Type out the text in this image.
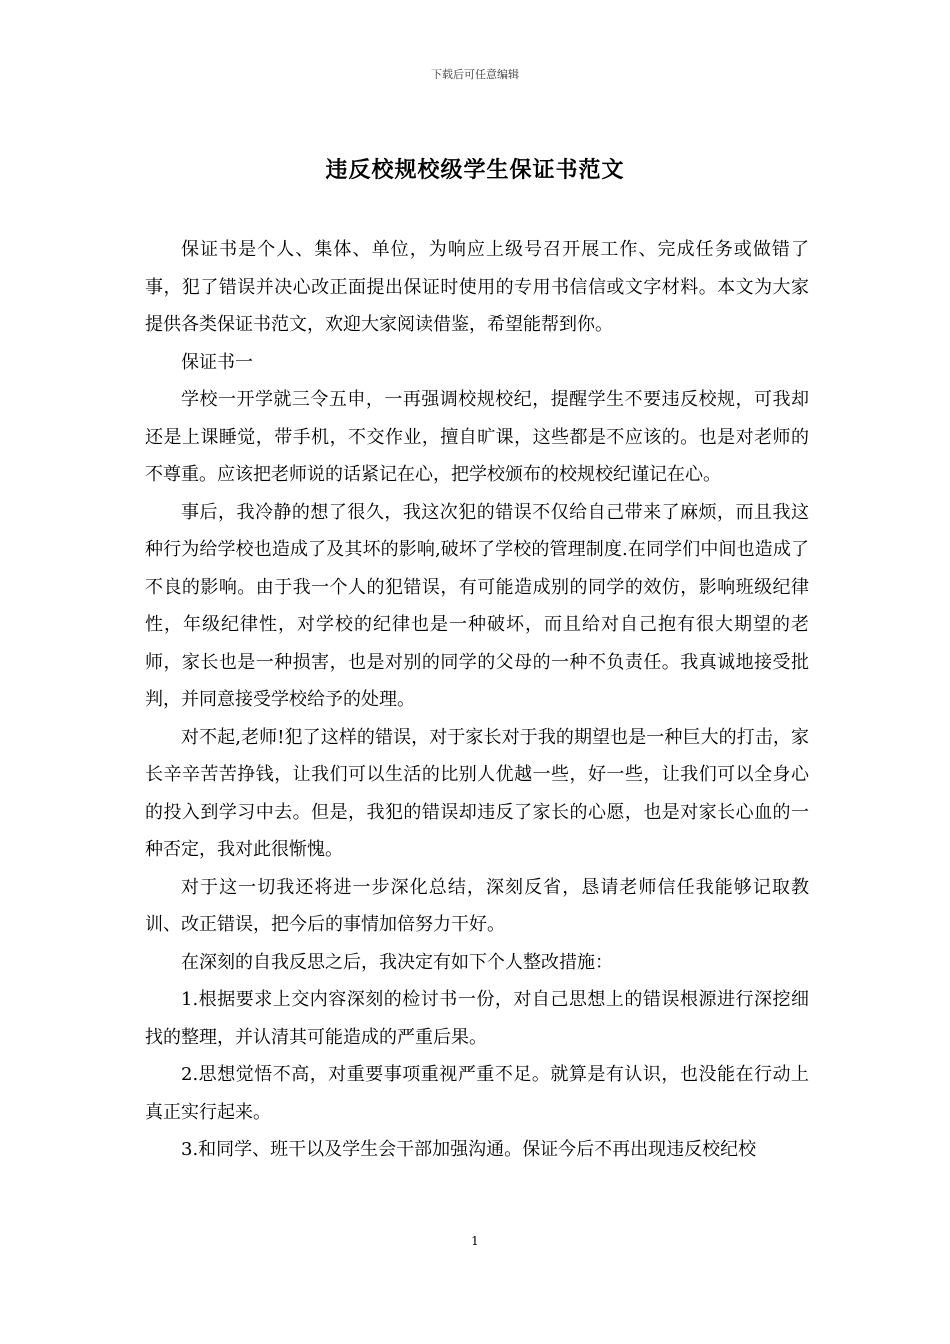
下载后可任意编辑
违反校规校级学生保证书范文

保证书是个人、集体、单位，为响应上级号召开展工作、完成任务或做错了事，犯了错误并决心改正面提出保证时使用的专用书信信或文字材料。本文为大家提供各类保证书范文，欢迎大家阅读借鉴，希望能帮到你。

保证书一

学校一开学就三令五申，一再强调校规校纪，提醒学生不要违反校规，可我却还是上课睡觉，带手机，不交作业，擅自旷课，这些都是不应该的。也是对老师的不尊重。应该把老师说的话紧记在心，把学校颁布的校规校纪谨记在心。

事后，我冷静的想了很久，我这次犯的错误不仅给自己带来了麻烦，而且我这种行为给学校也造成了及其坏的影响,破坏了学校的管理制度.在同学们中间也造成了不良的影响。由于我一个人的犯错误，有可能造成别的同学的效仿，影响班级纪律性，年级纪律性，对学校的纪律也是一种破坏，而且给对自己抱有很大期望的老师，家长也是一种损害，也是对别的同学的父母的一种不负责任。我真诚地接受批判，并同意接受学校给予的处理。

对不起,老师!犯了这样的错误，对于家长对于我的期望也是一种巨大的打击，家长辛辛苦苦挣钱，让我们可以生活的比别人优越一些，好一些，让我们可以全身心的投入到学习中去。但是，我犯的错误却违反了家长的心愿，也是对家长心血的一种否定，我对此很惭愧。

对于这一切我还将进一步深化总结，深刻反省，恳请老师信任我能够记取教训、改正错误，把今后的事情加倍努力干好。

在深刻的自我反思之后，我决定有如下个人整改措施：

1.根据要求上交内容深刻的检讨书一份，对自己思想上的错误根源进行深挖细找的整理，并认清其可能造成的严重后果。

2.思想觉悟不高，对重要事项重视严重不足。就算是有认识，也没能在行动上真正实行起来。

3.和同学、班干以及学生会干部加强沟通。保证今后不再出现违反校纪校

1
